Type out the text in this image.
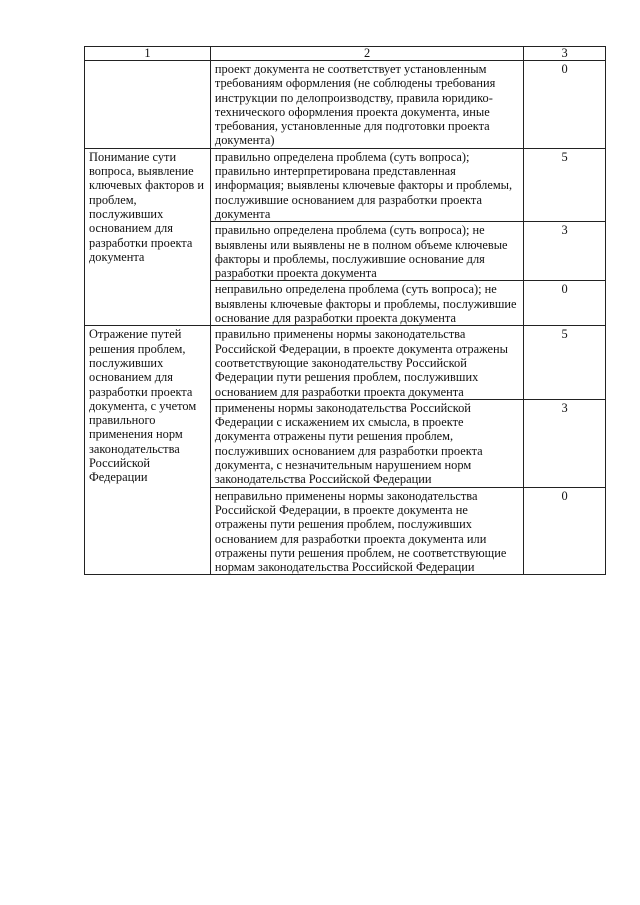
1	2	3
	проект документа не соответствует установленным требованиям оформления (не соблюдены требования инструкции по делопроизводству, правила юридико-технического оформления проекта документа, иные требования, установленные для подготовки проекта документа)	0
Понимание сути вопроса, выявление ключевых факторов и проблем, послуживших основанием для разработки проекта документа	правильно определена проблема (суть вопроса); правильно интерпретирована представленная информация; выявлены ключевые факторы и проблемы, послужившие основанием для разработки проекта документа	5
	правильно определена проблема (суть вопроса); не выявлены или выявлены не в полном объеме ключевые факторы и проблемы, послужившие основание для разработки проекта документа	3
	неправильно определена проблема (суть вопроса); не выявлены ключевые факторы и проблемы, послужившие основание для разработки проекта документа	0
Отражение путей решения проблем, послуживших основанием для разработки проекта документа, с учетом правильного применения норм законодательства Российской Федерации	правильно применены нормы законодательства Российской Федерации, в проекте документа отражены соответствующие законодательству Российской Федерации пути решения проблем, послуживших основанием для разработки проекта документа	5
	применены нормы законодательства Российской Федерации с искажением их смысла, в проекте документа отражены пути решения проблем, послуживших основанием для разработки проекта документа, с незначительным нарушением норм законодательства Российской Федерации	3
	неправильно применены нормы законодательства Российской Федерации, в проекте документа не отражены пути решения проблем, послуживших основанием для разработки проекта документа или отражены пути решения проблем, не соответствующие нормам законодательства Российской Федерации	0
